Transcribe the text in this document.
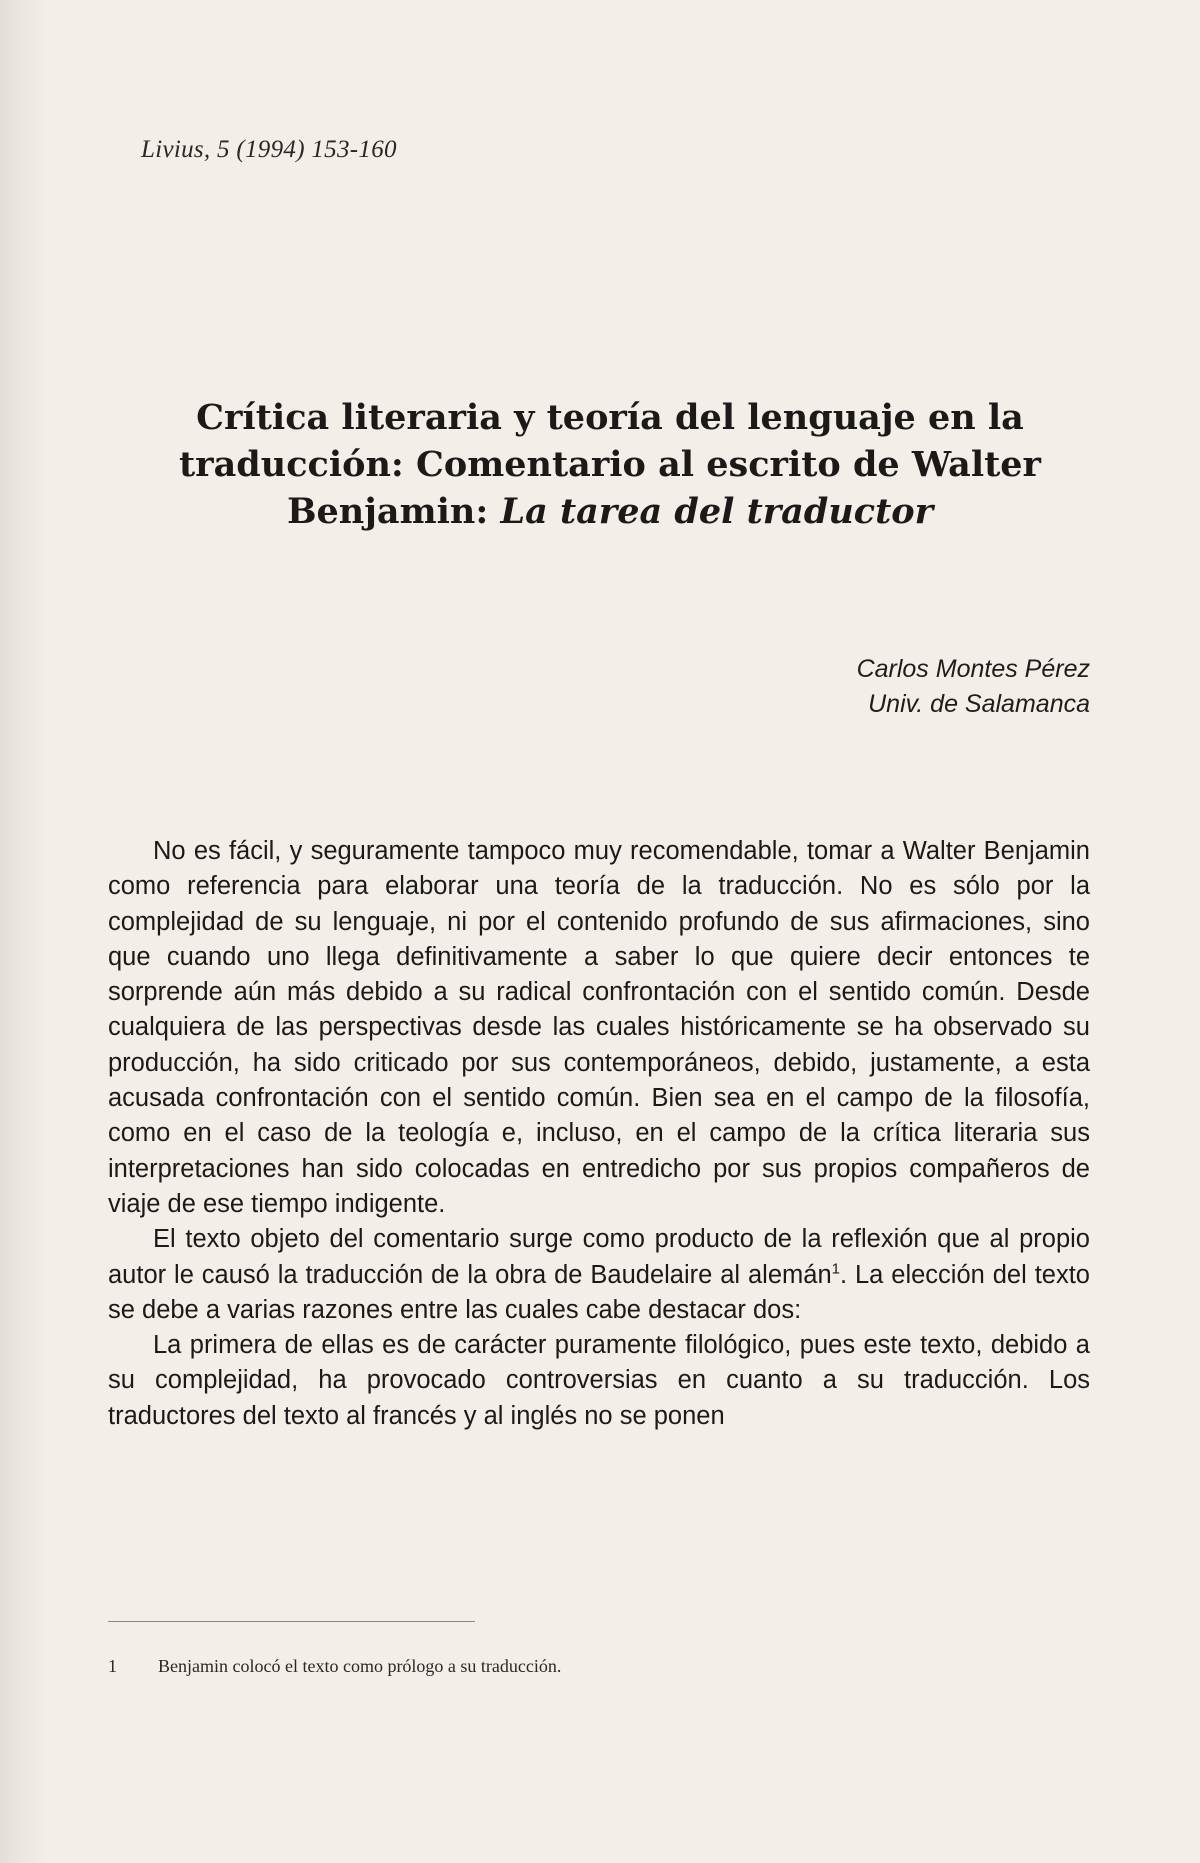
Livius, 5 (1994) 153-160
Crítica literaria y teoría del lenguaje en la traducción: Comentario al escrito de Walter Benjamin: La tarea del traductor
Carlos Montes Pérez
Univ. de Salamanca

No es fácil, y seguramente tampoco muy recomendable, tomar a Walter Benjamin como referencia para elaborar una teoría de la traducción. No es sólo por la complejidad de su lenguaje, ni por el contenido profundo de sus afirmaciones, sino que cuando uno llega definitivamente a saber lo que quiere decir entonces te sorprende aún más debido a su radical confrontación con el sentido común. Desde cualquiera de las perspectivas desde las cuales históricamente se ha observado su producción, ha sido criticado por sus contemporáneos, debido, justamente, a esta acusada confrontación con el sentido común. Bien sea en el campo de la filosofía, como en el caso de la teología e, incluso, en el campo de la crítica literaria sus interpretaciones han sido colocadas en entredicho por sus propios compañeros de viaje de ese tiempo indigente.

El texto objeto del comentario surge como producto de la reflexión que al propio autor le causó la traducción de la obra de Baudelaire al alemán$^1$. La elección del texto se debe a varias razones entre las cuales cabe destacar dos:

La primera de ellas es de carácter puramente filológico, pues este texto, debido a su complejidad, ha provocado controversias en cuanto a su traducción. Los traductores del texto al francés y al inglés no se ponen

1 Benjamin colocó el texto como prólogo a su traducción.
